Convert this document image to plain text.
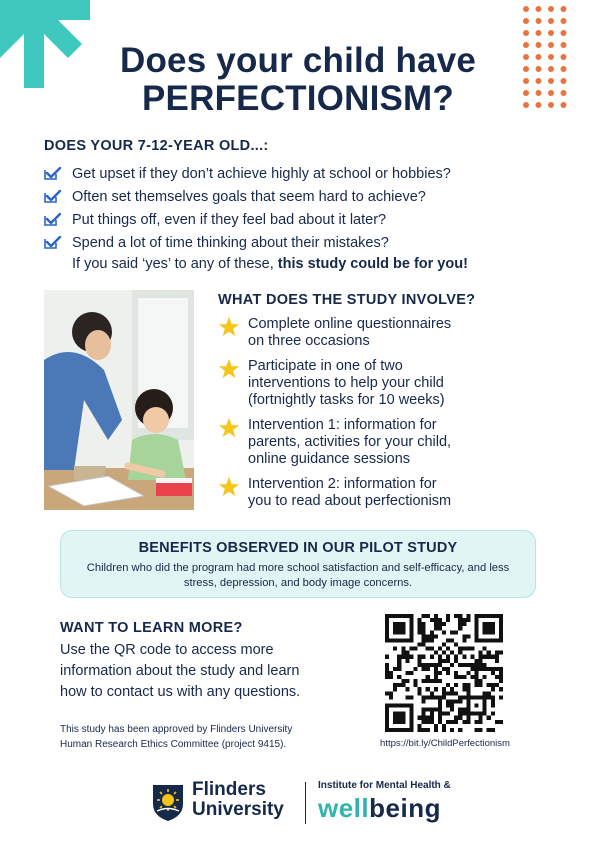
Does your child have
PERFECTIONISM?
DOES YOUR 7-12-YEAR OLD...:
Get upset if they don’t achieve highly at school or hobbies?
Often set themselves goals that seem hard to achieve?
Put things off, even if they feel bad about it later?
Spend a lot of time thinking about their mistakes?
If you said ‘yes’ to any of these, this study could be for you!
WHAT DOES THE STUDY INVOLVE?
Complete online questionnaires
on three occasions
Participate in one of two
interventions to help your child
(fortnightly tasks for 10 weeks)
Intervention 1: information for
parents, activities for your child,
online guidance sessions
Intervention 2: information for
you to read about perfectionism
BENEFITS OBSERVED IN OUR PILOT STUDY
Children who did the program had more school satisfaction and self-efficacy, and less stress, depression, and body image concerns.
WANT TO LEARN MORE?
Use the QR code to access more
information about the study and learn
how to contact us with any questions.
This study has been approved by Flinders University
Human Research Ethics Committee (project 9415).	https://bit.ly/ChildPerfectionism
Flinders
University
Institute for Mental Health &
wellbeing
